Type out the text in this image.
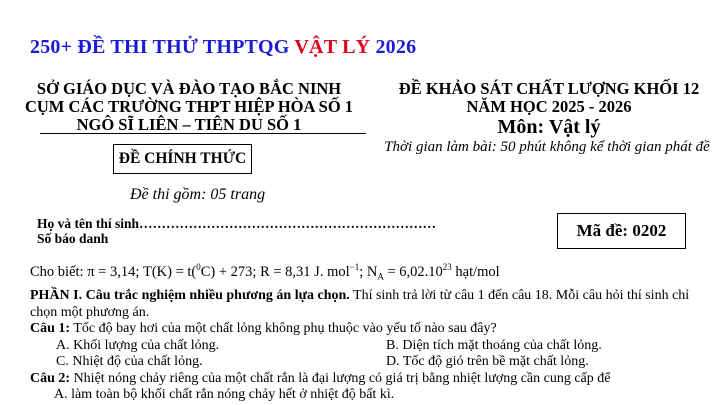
250+ ĐỀ THI THỬ THPTQG VẬT LÝ 2026
SỞ GIÁO DỤC VÀ ĐÀO TẠO BẮC NINH
CỤM CÁC TRƯỜNG THPT HIỆP HÒA SỐ 1
NGÔ SĨ LIÊN – TIÊN DU SỐ 1
ĐỀ KHẢO SÁT CHẤT LƯỢNG KHỐI 12
NĂM HỌC 2025 - 2026
Môn: Vật lý
Thời gian làm bài: 50 phút không kể thời gian phát đề
ĐỀ CHÍNH THỨC
Đề thi gồm: 05 trang
Họ và tên thí sinh…………………………………………………………
Số báo danh	Mã đề: 0202
Cho biết: π = 3,14; T(K) = t($^0$C) + 273; R = 8,31 J. mol$^{-1}$; $N_A = 6,02.10^{23}$ hạt/mol

PHẦN I. Câu trắc nghiệm nhiều phương án lựa chọn. Thí sinh trả lời từ câu 1 đến câu 18. Mỗi câu hỏi thí sinh chỉ chọn một phương án.

Câu 1: Tốc độ bay hơi của một chất lỏng không phụ thuộc vào yếu tố nào sau đây?

A. Khối lượng của chất lỏng.	B. Diện tích mặt thoáng của chất lỏng.
C. Nhiệt độ của chất lỏng.	D. Tốc độ gió trên bề mặt chất lỏng.

Câu 2: Nhiệt nóng chảy riêng của một chất rắn là đại lượng có giá trị bằng nhiệt lượng cần cung cấp để

A. làm toàn bộ khối chất rắn nóng chảy hết ở nhiệt độ bất kì.
